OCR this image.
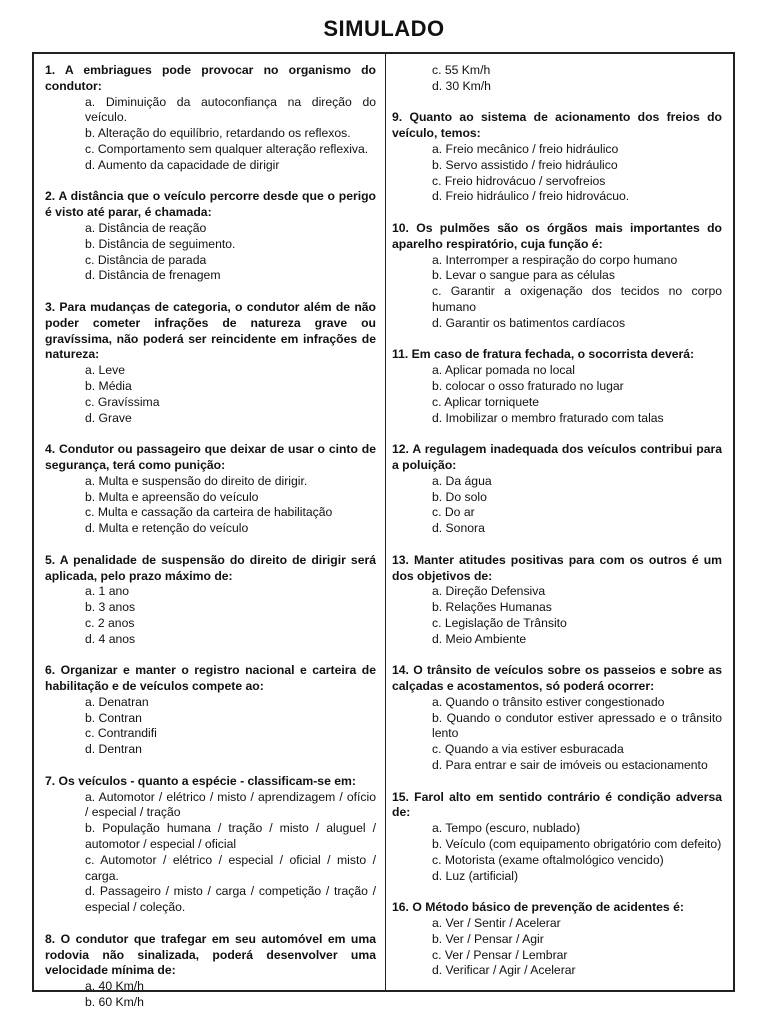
SIMULADO
1. A embriagues pode provocar no organismo do condutor:
a. Diminuição da autoconfiança na direção do veículo.
b. Alteração do equilíbrio, retardando os reflexos.
c. Comportamento sem qualquer alteração reflexiva.
d. Aumento da capacidade de dirigir
2. A distância que o veículo percorre desde que o perigo é visto até parar, é chamada:
a. Distância de reação
b. Distância de seguimento.
c. Distância de parada
d. Distância de frenagem
3. Para mudanças de categoria, o condutor além de não poder cometer infrações de natureza grave ou gravíssima, não poderá ser reincidente em infrações de natureza:
a. Leve
b. Média
c. Gravíssima
d. Grave
4. Condutor ou passageiro que deixar de usar o cinto de segurança, terá como punição:
a. Multa e suspensão do direito de dirigir.
b. Multa e apreensão do veículo
c. Multa e cassação da carteira de habilitação
d. Multa e retenção do veículo
5. A penalidade de suspensão do direito de dirigir será aplicada, pelo prazo máximo de:
a. 1 ano
b. 3 anos
c. 2 anos
d. 4 anos
6. Organizar e manter o registro nacional e carteira de habilitação e de veículos compete ao:
a. Denatran
b. Contran
c. Contrandifi
d. Dentran
7. Os veículos - quanto a espécie - classificam-se em:
a. Automotor / elétrico / misto / aprendizagem / ofício / especial / tração
b. População humana / tração / misto / aluguel / automotor / especial / oficial
c. Automotor / elétrico / especial / oficial / misto / carga.
d. Passageiro / misto / carga / competição / tração / especial / coleção.
8. O condutor que trafegar em seu automóvel em uma rodovia não sinalizada, poderá desenvolver uma velocidade mínima de:
a. 40 Km/h
b. 60 Km/h
c. 55 Km/h
d. 30 Km/h
9. Quanto ao sistema de acionamento dos freios do veículo, temos:
a. Freio mecânico / freio hidráulico
b. Servo assistido / freio hidráulico
c. Freio hidrovácuo / servofreios
d. Freio hidráulico / freio hidrovácuo.
10. Os pulmões são os órgãos mais importantes do aparelho respiratório, cuja função é:
a. Interromper a respiração do corpo humano
b. Levar o sangue para as células
c. Garantir a oxigenação dos tecidos no corpo humano
d. Garantir os batimentos cardíacos
11. Em caso de fratura fechada, o socorrista deverá:
a. Aplicar pomada no local
b. colocar o osso fraturado no lugar
c. Aplicar torniquete
d. Imobilizar o membro fraturado com talas
12. A regulagem inadequada dos veículos contribui para a poluição:
a. Da água
b. Do solo
c. Do ar
d. Sonora
13. Manter atitudes positivas para com os outros é um dos objetivos de:
a. Direção Defensiva
b. Relações Humanas
c. Legislação de Trânsito
d. Meio Ambiente
14. O trânsito de veículos sobre os passeios e sobre as calçadas e acostamentos, só poderá ocorrer:
a. Quando o trânsito estiver congestionado
b. Quando o condutor estiver apressado e o trânsito lento
c. Quando a via estiver esburacada
d. Para entrar e sair de imóveis ou estacionamento
15. Farol alto em sentido contrário é condição adversa de:
a. Tempo (escuro, nublado)
b. Veículo (com equipamento obrigatório com defeito)
c. Motorista (exame oftalmológico vencido)
d. Luz (artificial)
16. O Método básico de prevenção de acidentes é:
a. Ver / Sentir / Acelerar
b. Ver / Pensar / Agir
c. Ver / Pensar / Lembrar
d. Verificar / Agir / Acelerar
